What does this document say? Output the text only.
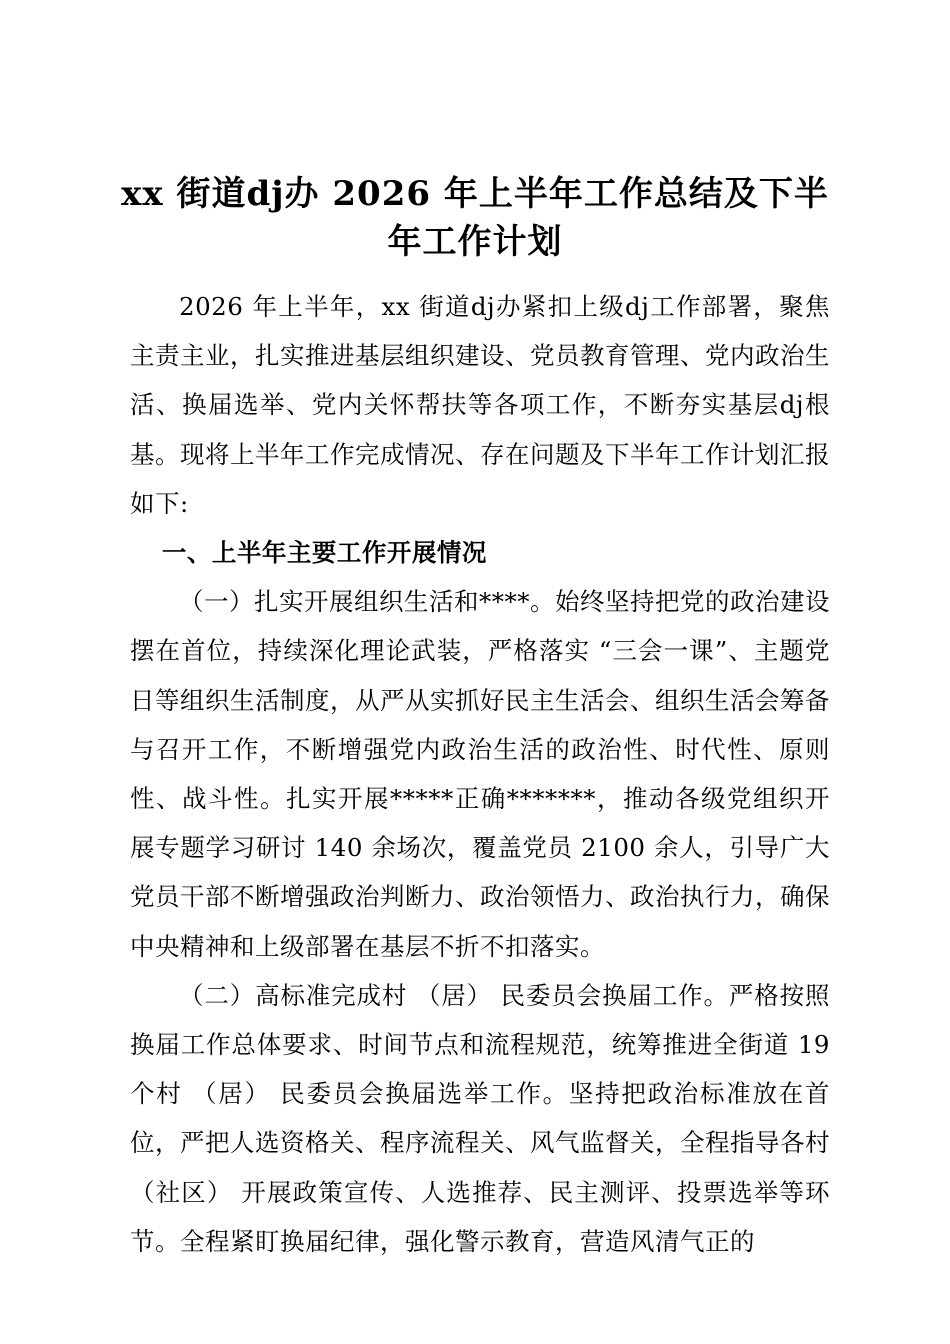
xx 街道dj办 2026 年上半年工作总结及下半年工作计划

2026 年上半年，xx 街道dj办紧扣上级dj工作部署，聚焦主责主业，扎实推进基层组织建设、党员教育管理、党内政治生活、换届选举、党内关怀帮扶等各项工作，不断夯实基层dj根基。现将上半年工作完成情况、存在问题及下半年工作计划汇报如下:

一、上半年主要工作开展情况

（一）扎实开展组织生活和****。始终坚持把党的政治建设摆在首位，持续深化理论武装，严格落实 “三会一课”、主题党日等组织生活制度，从严从实抓好民主生活会、组织生活会筹备与召开工作，不断增强党内政治生活的政治性、时代性、原则性、战斗性。扎实开展*****正确*******，推动各级党组织开展专题学习研讨 140 余场次，覆盖党员 2100 余人，引导广大党员干部不断增强政治判断力、政治领悟力、政治执行力，确保中央精神和上级部署在基层不折不扣落实。

（二）高标准完成村 （居） 民委员会换届工作。严格按照换届工作总体要求、时间节点和流程规范，统筹推进全街道 19个村 （居） 民委员会换届选举工作。坚持把政治标准放在首位，严把人选资格关、程序流程关、风气监督关，全程指导各村 （社区） 开展政策宣传、人选推荐、民主测评、投票选举等环节。全程紧盯换届纪律，强化警示教育，营造风清气正的
